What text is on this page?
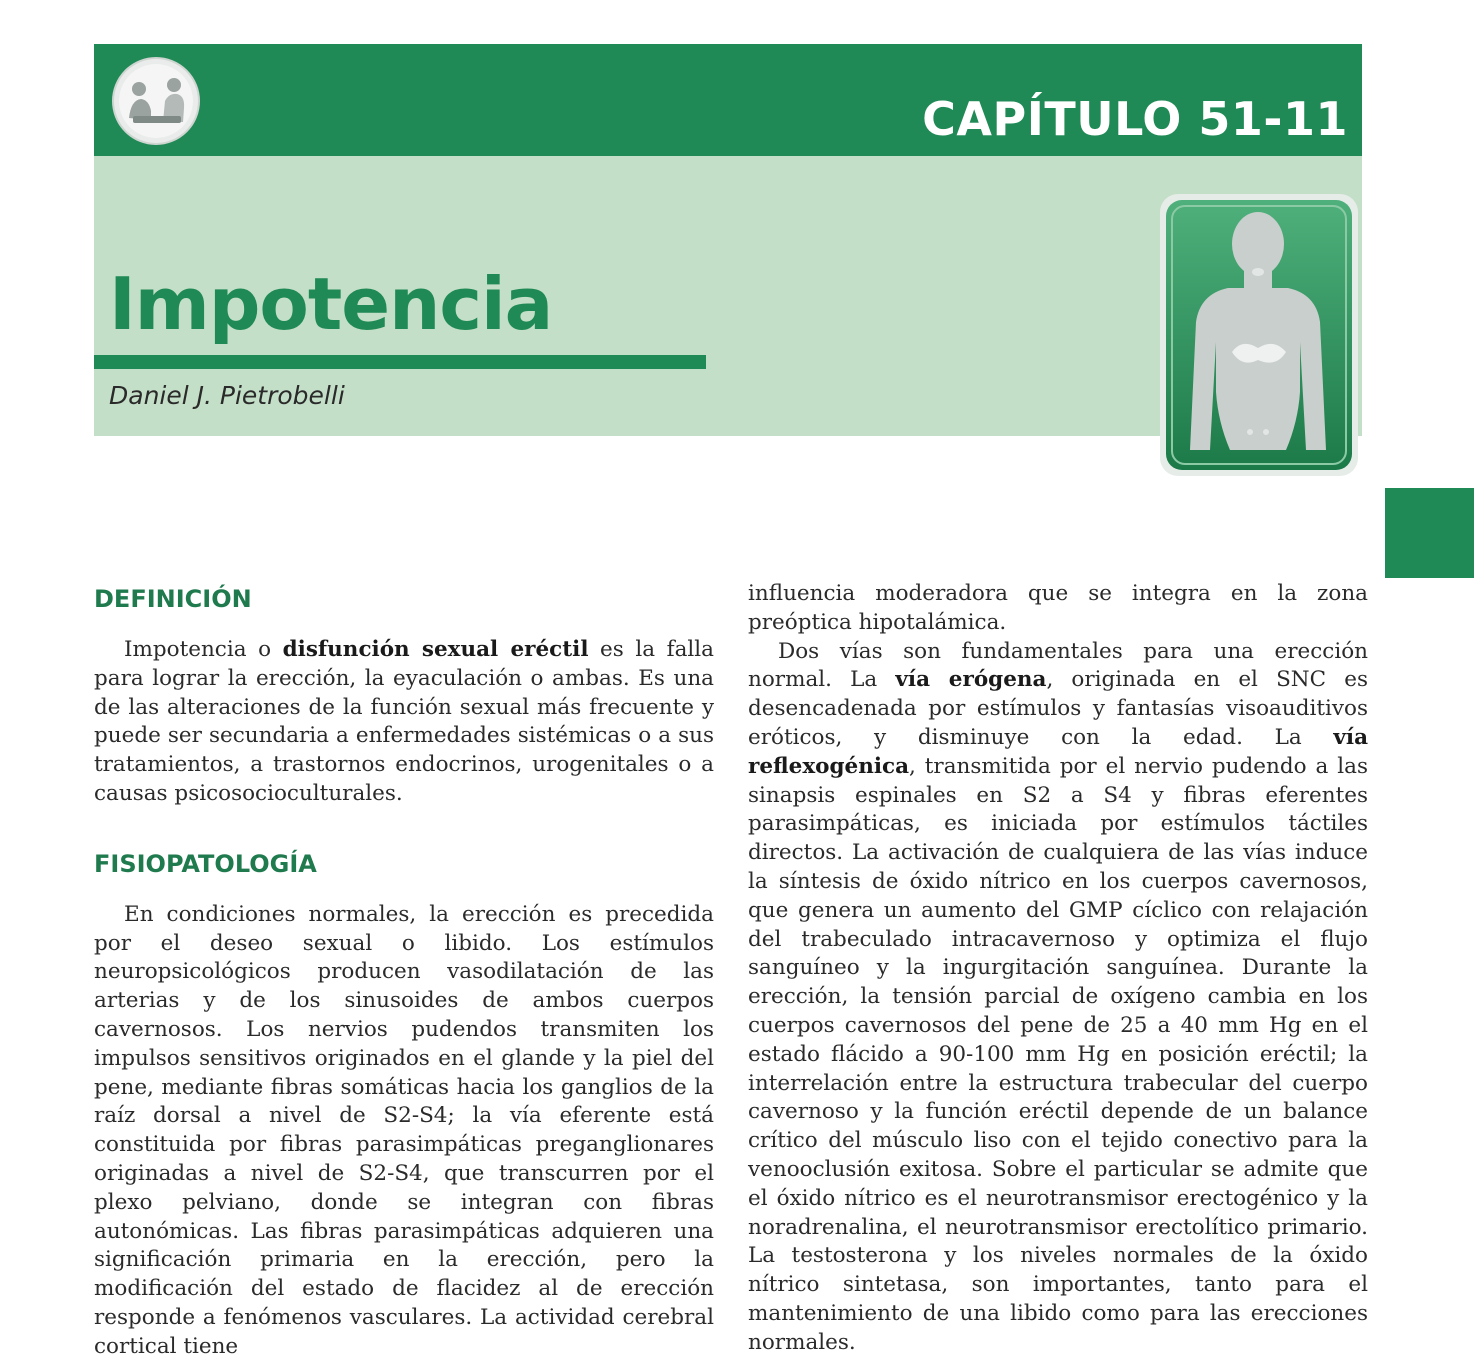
CAPÍTULO 51-11
Impotencia
Daniel J. Pietrobelli
DEFINICIÓN

Impotencia o disfunción sexual eréctil es la falla para lograr la erección, la eyaculación o ambas. Es una de las alteraciones de la función sexual más frecuente y puede ser secundaria a enfermedades sistémicas o a sus tratamientos, a trastornos endocrinos, urogenitales o a causas psicosocioculturales.

FISIOPATOLOGÍA

En condiciones normales, la erección es precedida por el deseo sexual o libido. Los estímulos neuropsicológicos producen vasodilatación de las arterias y de los sinusoides de ambos cuerpos cavernosos. Los nervios pudendos transmiten los impulsos sensitivos originados en el glande y la piel del pene, mediante fibras somáticas hacia los ganglios de la raíz dorsal a nivel de S2-S4; la vía eferente está constituida por fibras parasimpáticas preganglionares originadas a nivel de S2-S4, que transcurren por el plexo pelviano, donde se integran con fibras autonómicas. Las fibras parasimpáticas adquieren una significación primaria en la erección, pero la modificación del estado de flacidez al de erección responde a fenómenos vasculares. La actividad cerebral cortical tiene

influencia moderadora que se integra en la zona preóptica hipotalámica.

Dos vías son fundamentales para una erección normal. La vía erógena, originada en el SNC es desencadenada por estímulos y fantasías visoauditivos eróticos, y disminuye con la edad. La vía reflexogénica, transmitida por el nervio pudendo a las sinapsis espinales en S2 a S4 y fibras eferentes parasimpáticas, es iniciada por estímulos táctiles directos. La activación de cualquiera de las vías induce la síntesis de óxido nítrico en los cuerpos cavernosos, que genera un aumento del GMP cíclico con relajación del trabeculado intracavernoso y optimiza el flujo sanguíneo y la ingurgitación sanguínea. Durante la erección, la tensión parcial de oxígeno cambia en los cuerpos cavernosos del pene de 25 a 40 mm Hg en el estado flácido a 90-100 mm Hg en posición eréctil; la interrelación entre la estructura trabecular del cuerpo cavernoso y la función eréctil depende de un balance crítico del músculo liso con el tejido conectivo para la venooclusión exitosa. Sobre el particular se admite que el óxido nítrico es el neurotransmisor erectogénico y la noradrenalina, el neurotransmisor erectolítico primario. La testosterona y los niveles normales de la óxido nítrico sintetasa, son importantes, tanto para el mantenimiento de una libido como para las erecciones normales.
